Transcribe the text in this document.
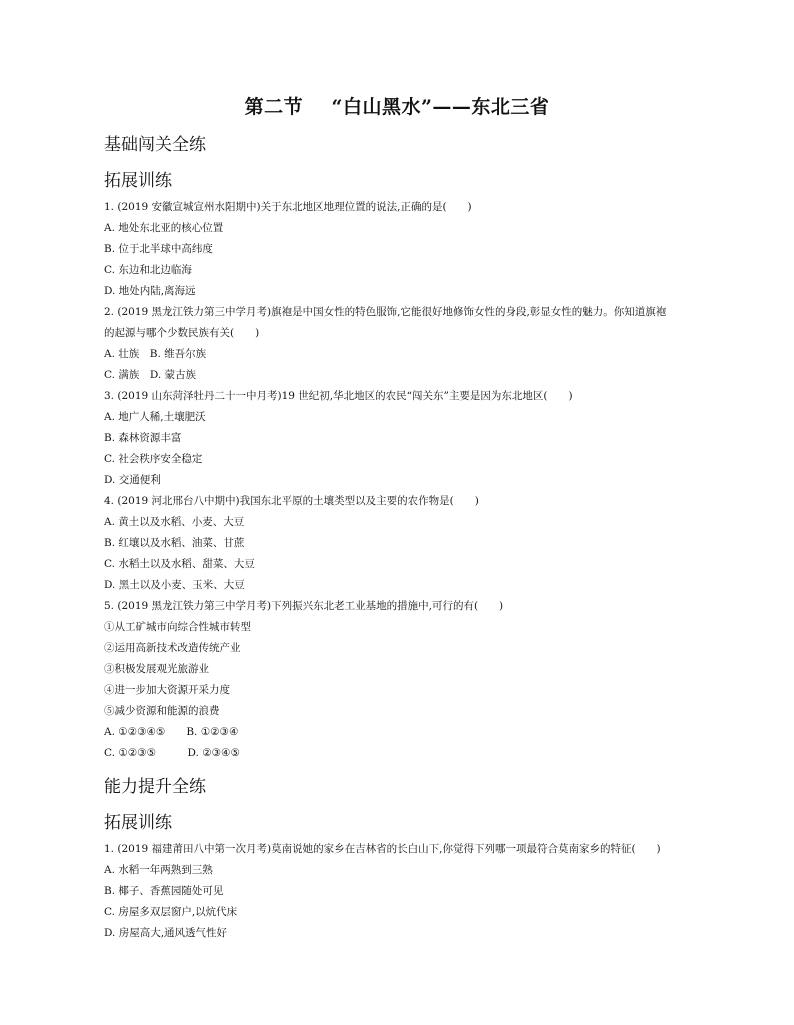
第二节    “白山黑水”——东北三省
基础闯关全练
拓展训练
1. (2019 安徽宣城宣州水阳期中)关于东北地区地理位置的说法,正确的是(　　)
A. 地处东北亚的核心位置
B. 位于北半球中高纬度
C. 东边和北边临海
D. 地处内陆,离海远
2. (2019 黑龙江铁力第三中学月考)旗袍是中国女性的特色服饰,它能很好地修饰女性的身段,彰显女性的魅力。你知道旗袍
的起源与哪个少数民族有关(　　)
A. 壮族　B. 维吾尔族
C. 满族　D. 蒙古族
3. (2019 山东菏泽牡丹二十一中月考)19 世纪初,华北地区的农民“闯关东”主要是因为东北地区(　　)
A. 地广人稀,土壤肥沃
B. 森林资源丰富
C. 社会秩序安全稳定
D. 交通便利
4. (2019 河北邢台八中期中)我国东北平原的土壤类型以及主要的农作物是(　　)
A. 黄土以及水稻、小麦、大豆
B. 红壤以及水稻、油菜、甘蔗
C. 水稻土以及水稻、甜菜、大豆
D. 黑土以及小麦、玉米、大豆
5. (2019 黑龙江铁力第三中学月考)下列振兴东北老工业基地的措施中,可行的有(　　)
①从工矿城市向综合性城市转型
②运用高新技术改造传统产业
③积极发展观光旅游业
④进一步加大资源开采力度
⑤减少资源和能源的浪费
A. ①②③④⑤　　B. ①②③④
C. ①②③⑤　　　D. ②③④⑤
能力提升全练
拓展训练
1. (2019 福建莆田八中第一次月考)莫南说她的家乡在吉林省的长白山下,你觉得下列哪一项最符合莫南家乡的特征(　　)
A. 水稻一年两熟到三熟
B. 椰子、香蕉园随处可见
C. 房屋多双层窗户,以炕代床
D. 房屋高大,通风透气性好
